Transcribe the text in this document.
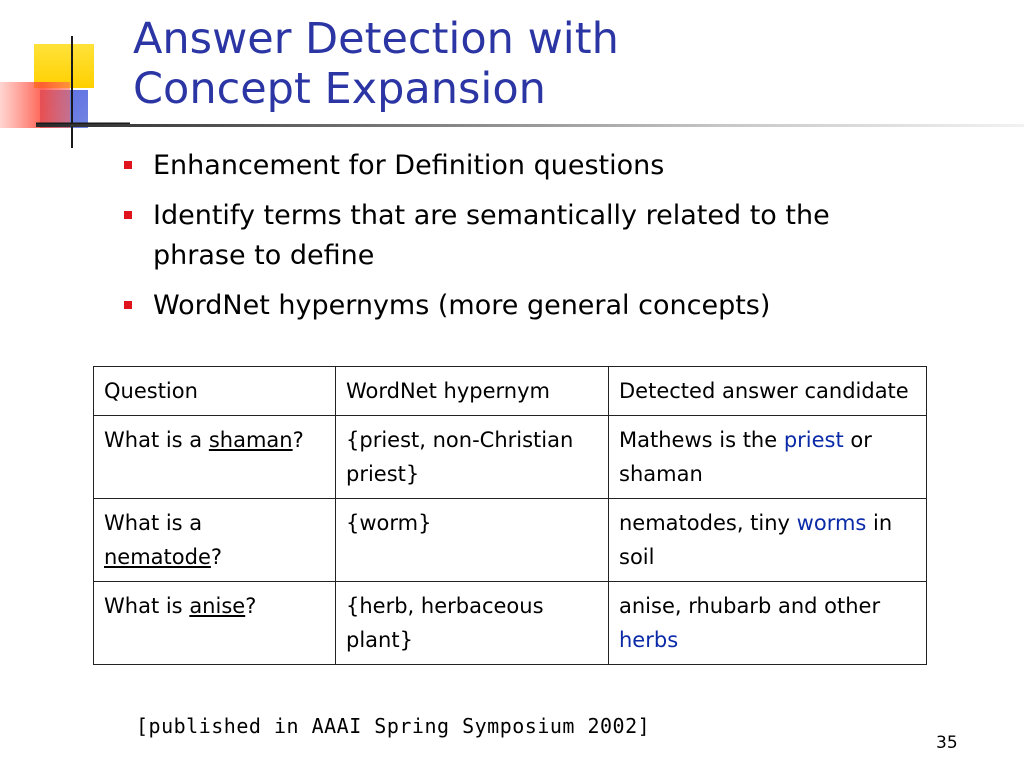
Answer Detection with
Concept Expansion
Enhancement for Definition questions
Identify terms that are semantically related to the phrase to define
WordNet hypernyms (more general concepts)
Question	WordNet hypernym	Detected answer candidate
What is a shaman?	{priest, non-Christian priest}	Mathews is the priest or shaman
What is a nematode?	{worm}	nematodes, tiny worms in soil
What is anise?	{herb, herbaceous plant}	anise, rhubarb and other herbs
[published in AAAI Spring Symposium 2002]
35
